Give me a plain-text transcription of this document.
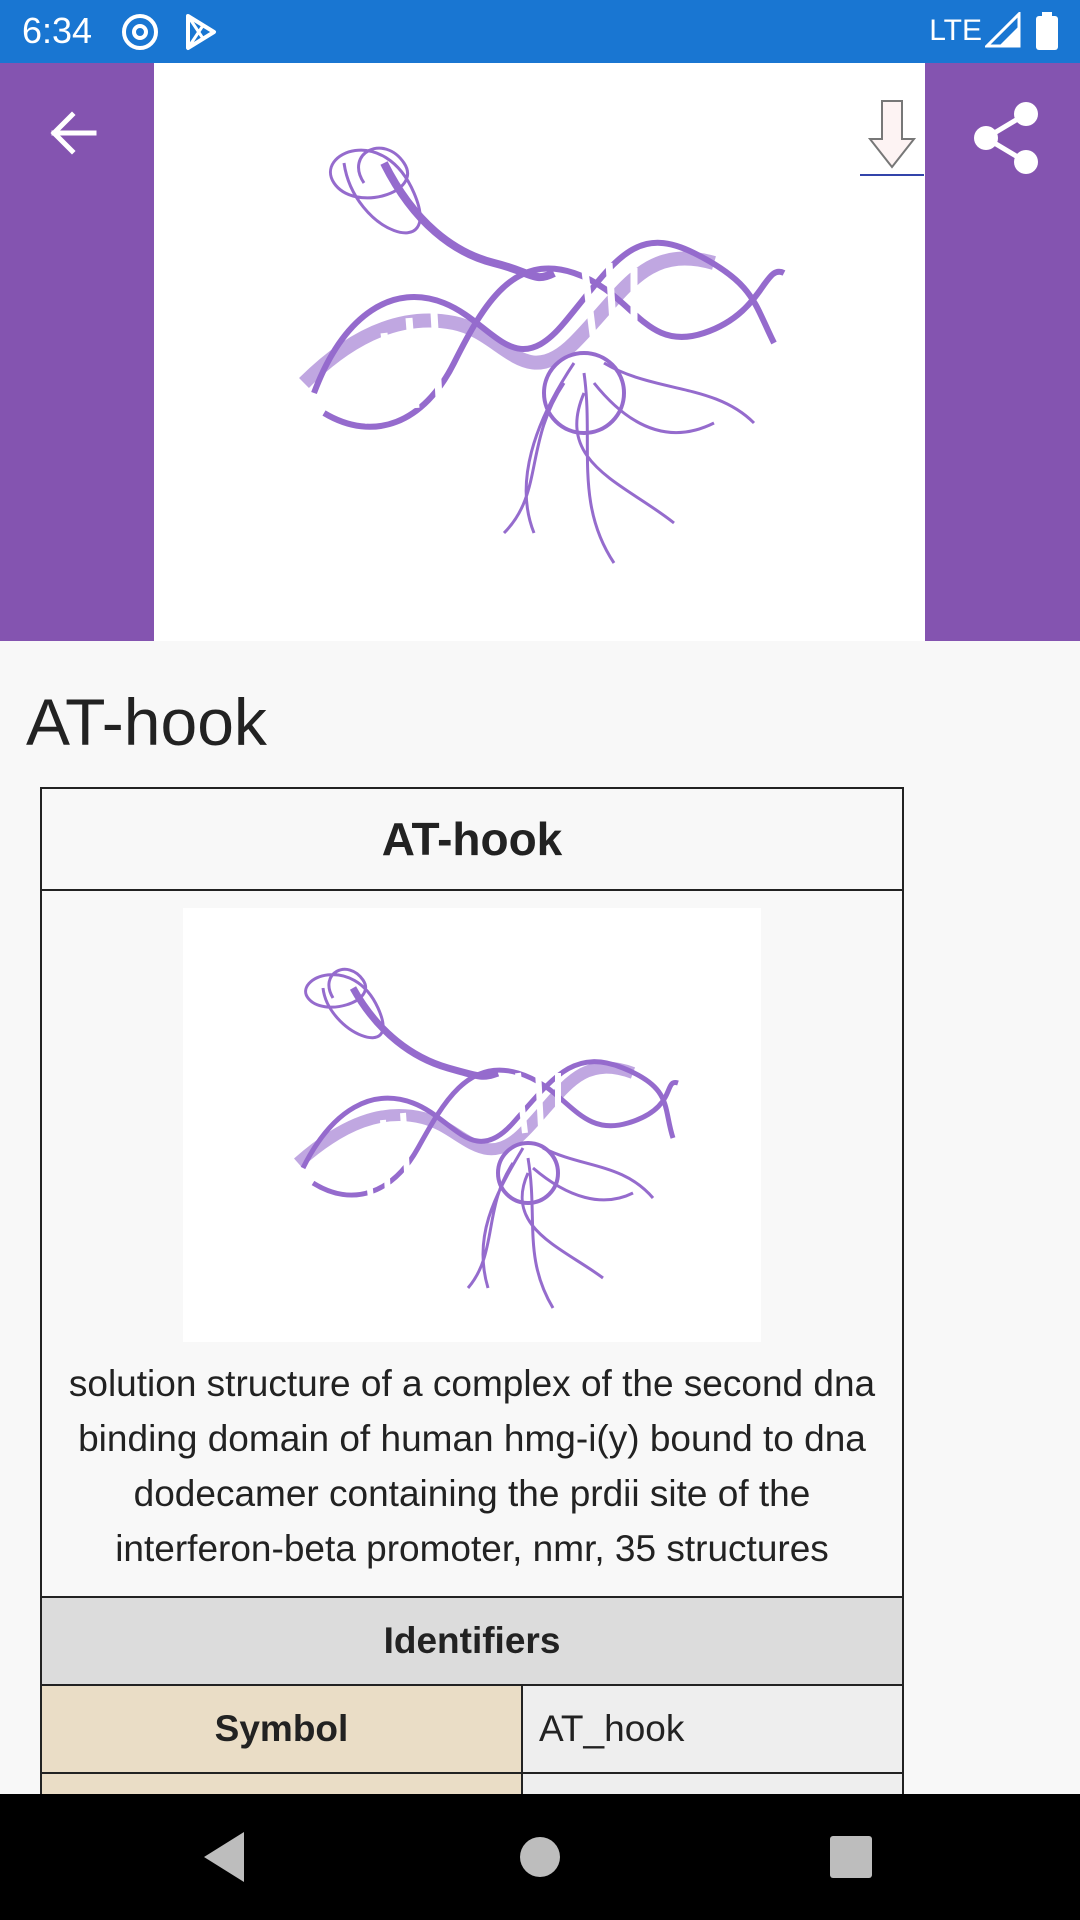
6:34	LTE
AT-hook
AT-hook
solution structure of a complex of the second dna binding domain of human hmg-i(y) bound to dna dodecamer containing the prdii site of the interferon-beta promoter, nmr, 35 structures
Identifiers
Symbol	AT_hook
